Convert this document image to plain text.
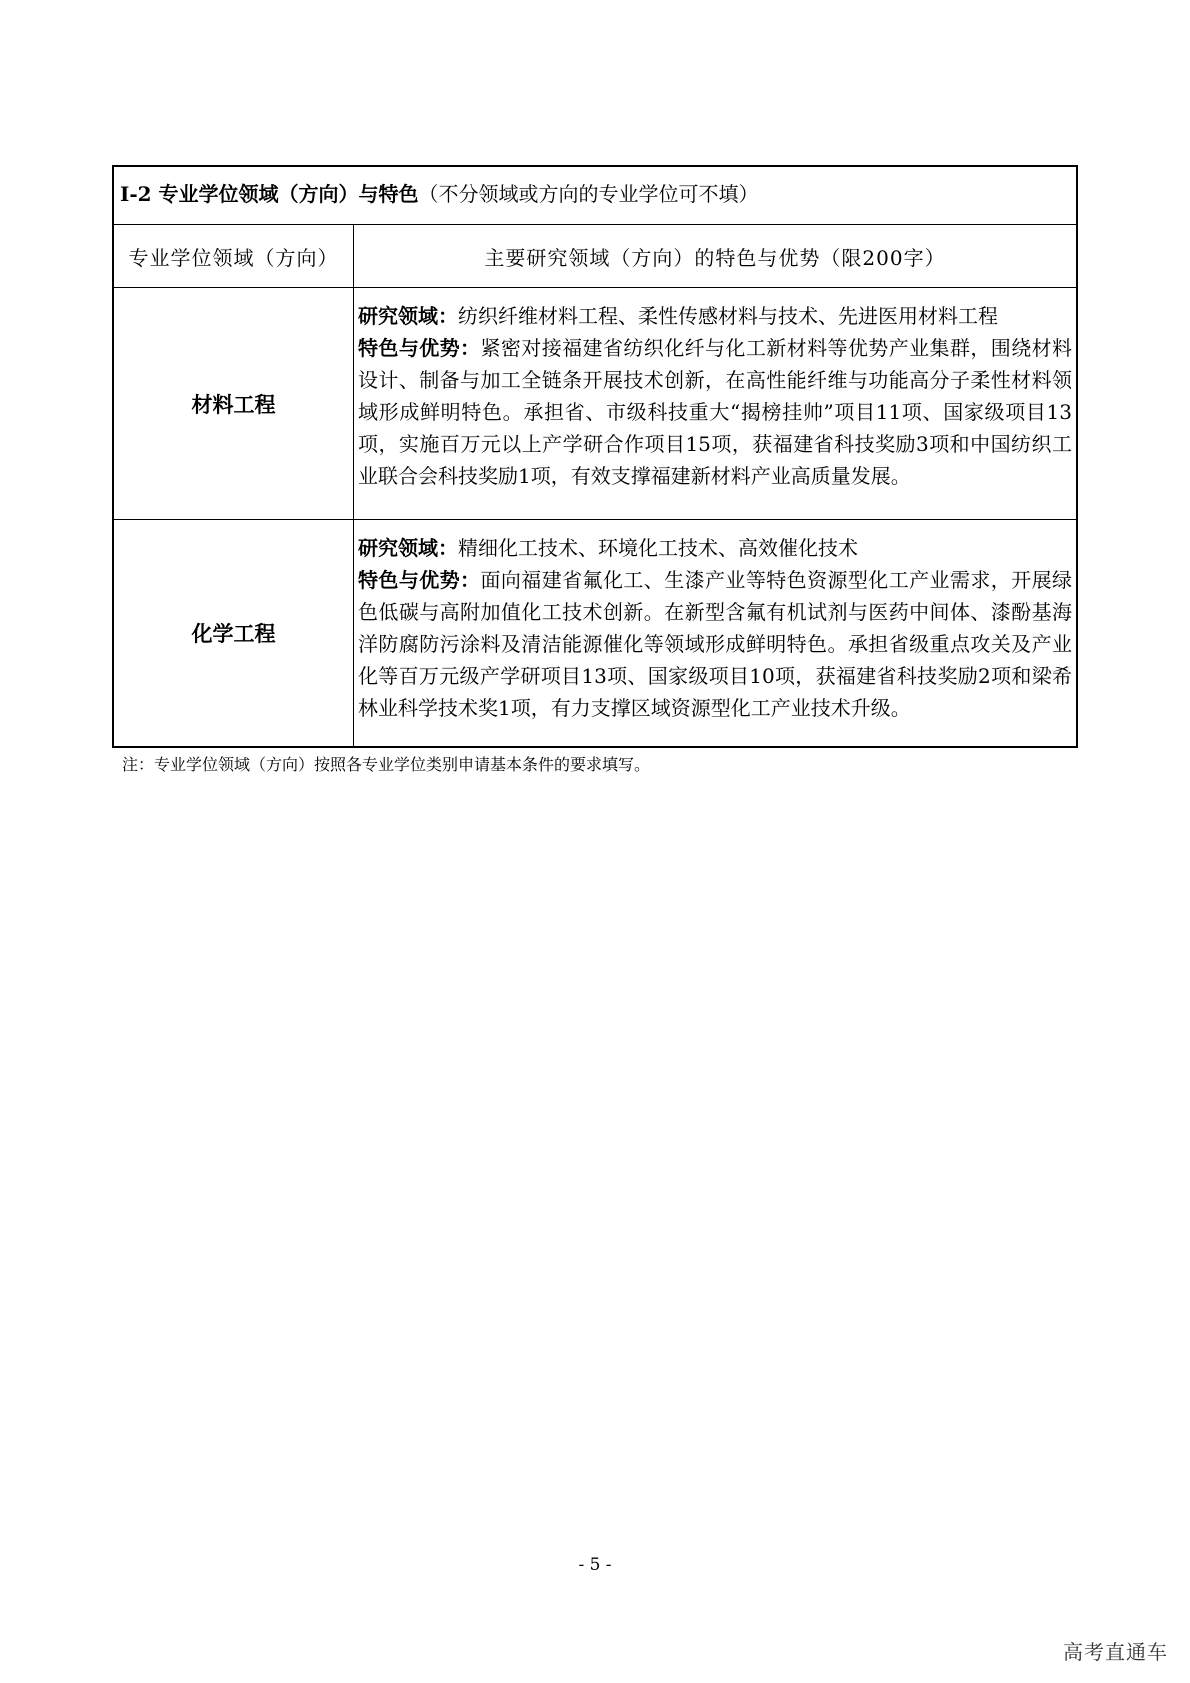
I-2 专业学位领域（方向）与特色（不分领域或方向的专业学位可不填）
专业学位领域（方向）	主要研究领域（方向）的特色与优势（限200字）
材料工程
研究领域：纺织纤维材料工程、柔性传感材料与技术、先进医用材料工程
特色与优势：紧密对接福建省纺织化纤与化工新材料等优势产业集群，围绕材料设计、制备与加工全链条开展技术创新，在高性能纤维与功能高分子柔性材料领域形成鲜明特色。承担省、市级科技重大“揭榜挂帅”项目11项、国家级项目13项，实施百万元以上产学研合作项目15项，获福建省科技奖励3项和中国纺织工业联合会科技奖励1项，有效支撑福建新材料产业高质量发展。
化学工程
研究领域：精细化工技术、环境化工技术、高效催化技术
特色与优势：面向福建省氟化工、生漆产业等特色资源型化工产业需求，开展绿色低碳与高附加值化工技术创新。在新型含氟有机试剂与医药中间体、漆酚基海洋防腐防污涂料及清洁能源催化等领域形成鲜明特色。承担省级重点攻关及产业化等百万元级产学研项目13项、国家级项目10项，获福建省科技奖励2项和梁希林业科学技术奖1项，有力支撑区域资源型化工产业技术升级。
注：专业学位领域（方向）按照各专业学位类别申请基本条件的要求填写。
- 5 -
高考直通车
